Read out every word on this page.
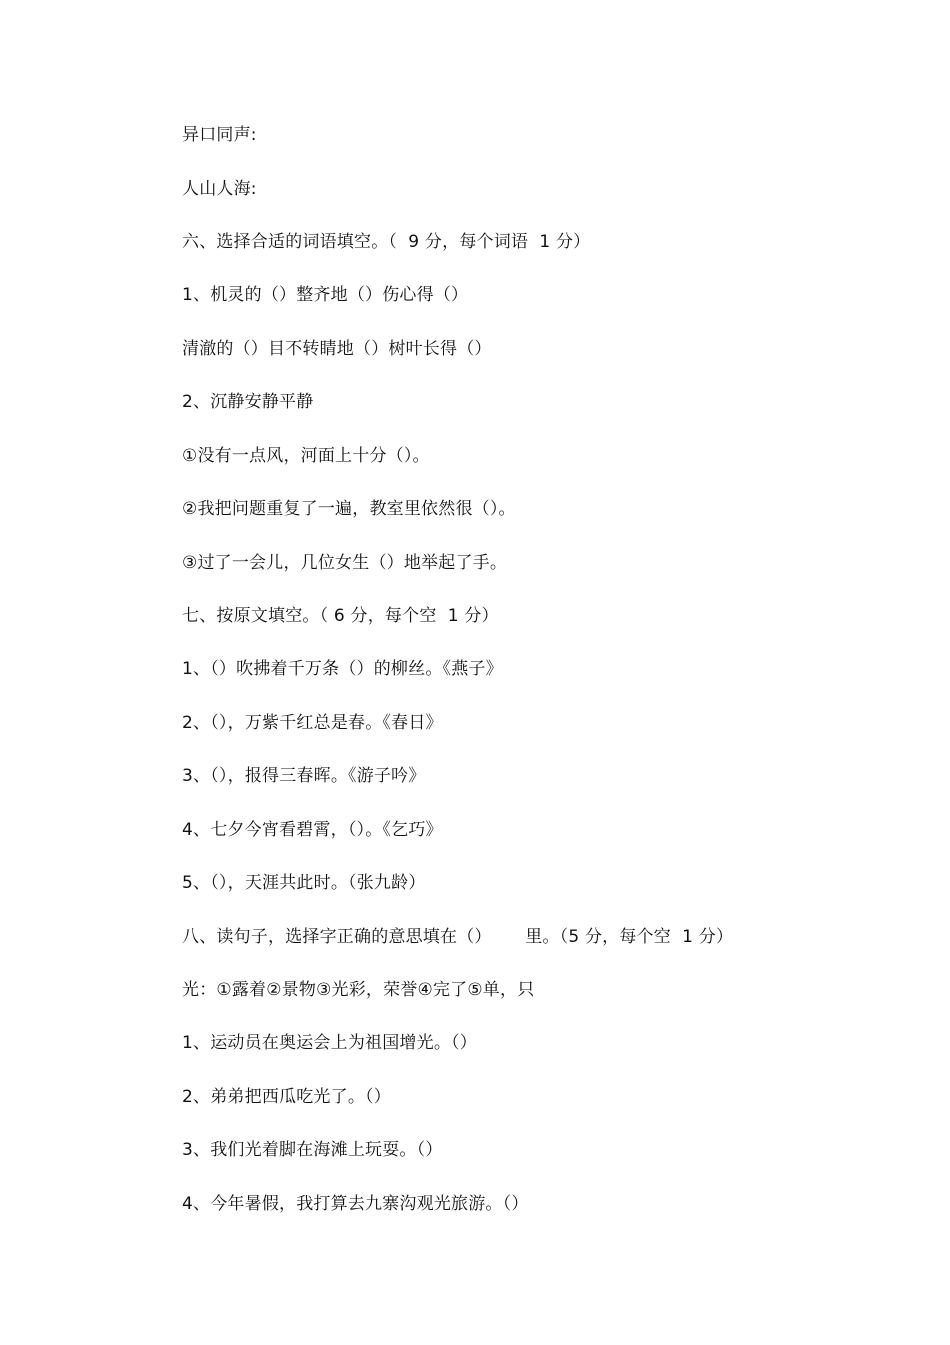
异口同声:
人山人海:
六、选择合适的词语填空。（  9 分，每个词语  1 分）
1、机灵的（）整齐地（）伤心得（）
清澈的（）目不转睛地（）树叶长得（）
2、沉静安静平静
①没有一点风，河面上十分（）。
②我把问题重复了一遍，教室里依然很（）。
③过了一会儿，几位女生（）地举起了手。
七、按原文填空。（ 6 分，每个空  1 分）
1、（）吹拂着千万条（）的柳丝。《燕子》
2、（），万紫千红总是春。《春日》
3、（），报得三春晖。《游子吟》
4、七夕今宵看碧霄，（）。《乞巧》
5、（），天涯共此时。（张九龄）
八、读句子，选择字正确的意思填在（）      里。（5 分，每个空  1 分）
光：①露着②景物③光彩，荣誉④完了⑤单，只
1、运动员在奥运会上为祖国增光。（）
2、弟弟把西瓜吃光了。（）
3、我们光着脚在海滩上玩耍。（）
4、今年暑假，我打算去九寨沟观光旅游。（）
